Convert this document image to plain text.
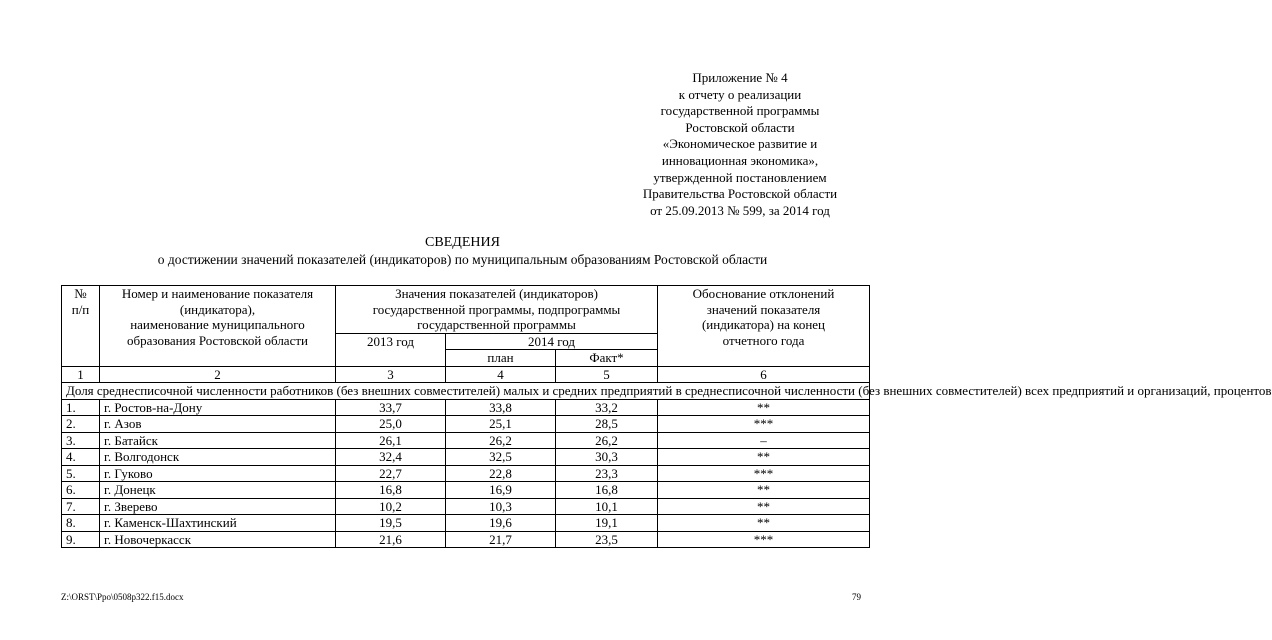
Приложение № 4
к отчету о реализации
государственной программы
Ростовской области
«Экономическое развитие и
инновационная экономика»,
утвержденной постановлением
Правительства Ростовской области
от 25.09.2013 № 599, за 2014 год
СВЕДЕНИЯ
о достижении значений показателей (индикаторов) по муниципальным образованиям Ростовской области
№
п/п	Номер и наименование показателя
(индикатора),
наименование муниципального
образования Ростовской области	Значения показателей (индикаторов)
государственной программы, подпрограммы
государственной программы			Обоснование отклонений
значений показателя
(индикатора) на конец
отчетного года
		2013 год	2014 год		
			план	Факт*	
1	2	3	4	5	6
Доля среднесписочной численности работников (без внешних совместителей) малых и средних предприятий в среднесписочной численности (без внешних совместителей) всех предприятий и организаций, процентов					
1.	г. Ростов-на-Дону	33,7	33,8	33,2	**
2.	г. Азов	25,0	25,1	28,5	***
3.	г. Батайск	26,1	26,2	26,2	–
4.	г. Волгодонск	32,4	32,5	30,3	**
5.	г. Гуково	22,7	22,8	23,3	***
6.	г. Донецк	16,8	16,9	16,8	**
7.	г. Зверево	10,2	10,3	10,1	**
8.	г. Каменск-Шахтинский	19,5	19,6	19,1	**
9.	г. Новочеркасск	21,6	21,7	23,5	***
Z:\ORST\Ppo\0508p322.f15.docx	79
